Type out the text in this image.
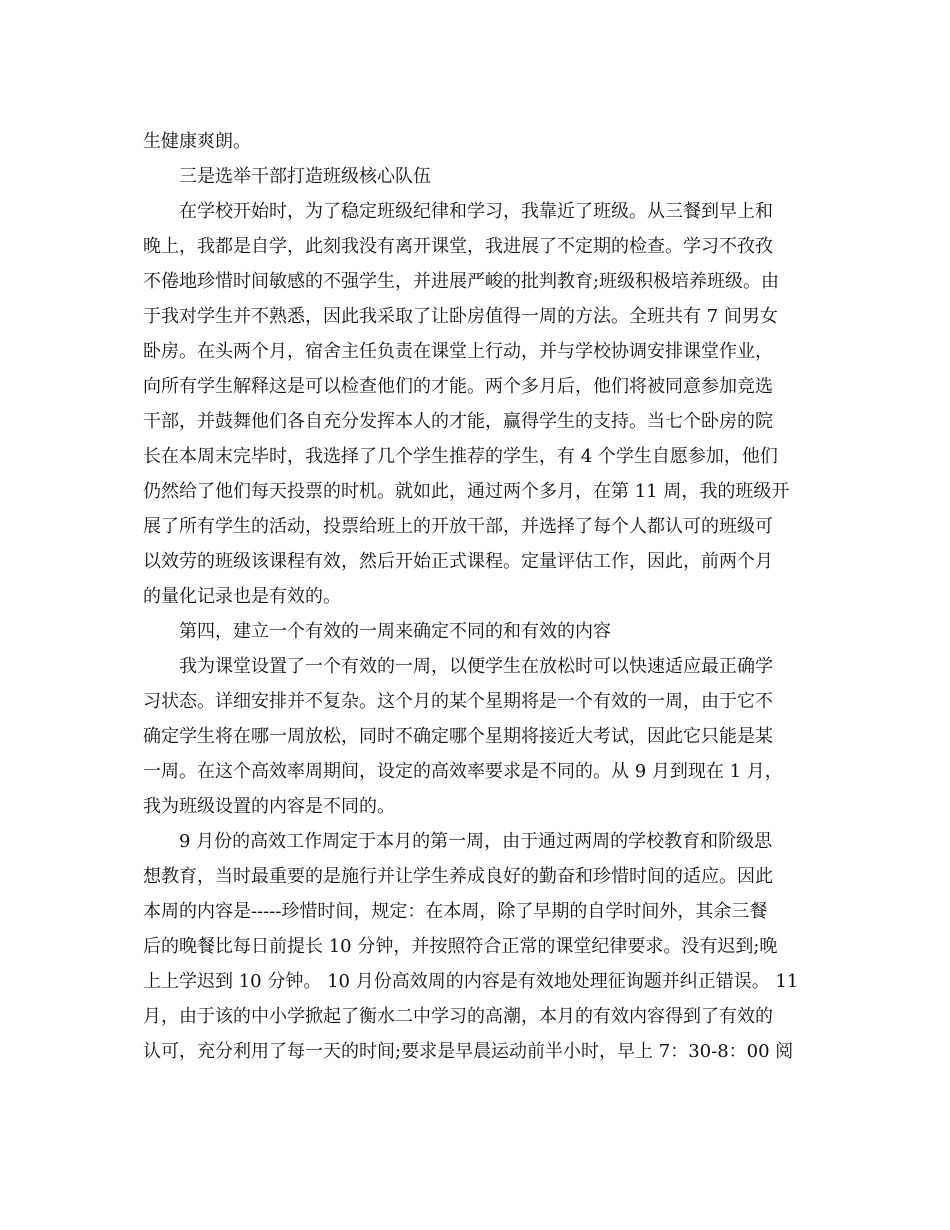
生健康爽朗。
三是选举干部打造班级核心队伍
在学校开始时，为了稳定班级纪律和学习，我靠近了班级。从三餐到早上和
晚上，我都是自学，此刻我没有离开课堂，我进展了不定期的检查。学习不孜孜
不倦地珍惜时间敏感的不强学生，并进展严峻的批判教育;班级积极培养班级。由
于我对学生并不熟悉，因此我采取了让卧房值得一周的方法。全班共有 7 间男女
卧房。在头两个月，宿舍主任负责在课堂上行动，并与学校协调安排课堂作业，
向所有学生解释这是可以检查他们的才能。两个多月后，他们将被同意参加竞选
干部，并鼓舞他们各自充分发挥本人的才能，赢得学生的支持。当七个卧房的院
长在本周末完毕时，我选择了几个学生推荐的学生，有 4 个学生自愿参加，他们
仍然给了他们每天投票的时机。就如此，通过两个多月，在第 11 周，我的班级开
展了所有学生的活动，投票给班上的开放干部，并选择了每个人都认可的班级可
以效劳的班级该课程有效，然后开始正式课程。定量评估工作，因此，前两个月
的量化记录也是有效的。
第四，建立一个有效的一周来确定不同的和有效的内容
我为课堂设置了一个有效的一周，以便学生在放松时可以快速适应最正确学
习状态。详细安排并不复杂。这个月的某个星期将是一个有效的一周，由于它不
确定学生将在哪一周放松，同时不确定哪个星期将接近大考试，因此它只能是某
一周。在这个高效率周期间，设定的高效率要求是不同的。从 9 月到现在 1 月，
我为班级设置的内容是不同的。
9 月份的高效工作周定于本月的第一周，由于通过两周的学校教育和阶级思
想教育，当时最重要的是施行并让学生养成良好的勤奋和珍惜时间的适应。因此
本周的内容是-----珍惜时间，规定：在本周，除了早期的自学时间外，其余三餐
后的晚餐比每日前提长 10 分钟，并按照符合正常的课堂纪律要求。没有迟到;晚
上上学迟到 10 分钟。 10 月份高效周的内容是有效地处理征询题并纠正错误。 11
月，由于该的中小学掀起了衡水二中学习的高潮，本月的有效内容得到了有效的
认可，充分利用了每一天的时间;要求是早晨运动前半小时，早上 7：30-8：00 阅
